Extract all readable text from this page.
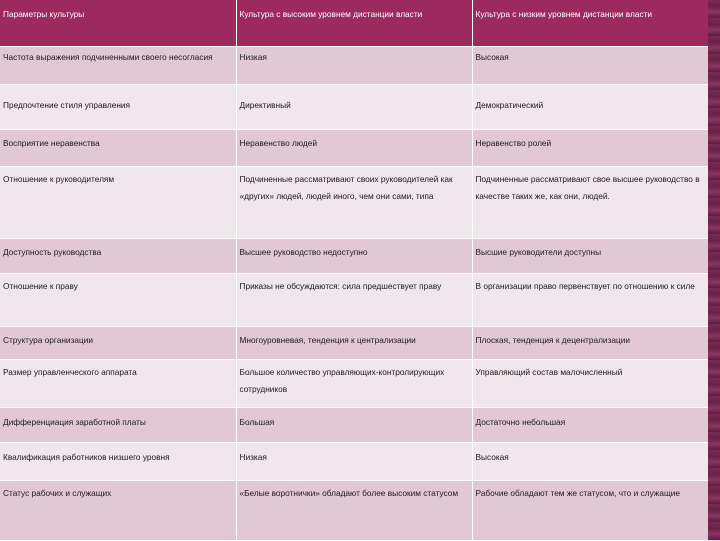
Параметры культуры	Культура с высоким уровнем дистанции власти	Культура с низким уровнем дистанции власти
Частота выражения подчиненными своего несогласия	Низкая	Высокая
Предпочтение стиля управления	Директивный	Демократический
Восприятие неравенства	Неравенство людей	Неравенство ролей
Отношение к руководителям	Подчиненные рассматривают своих руководителей как «других» людей, людей иного, чем они сами, типа	Подчиненные рассматривают свое высшее руководство в качестве таких же, как они, людей.
Доступность руководства	Высшее руководство недоступно	Высшие руководители доступны
Отношение к праву	Приказы не обсуждаются: сила предшествует праву	В организации право первенствует по отношению к силе
Структура организации	Многоуровневая, тенденция к централизации	Плоская, тенденция к децентрализации
Размер управленческого аппарата	Большое количество управляющих-контролирующих сотрудников	Управляющий состав малочисленный
Дифференциация заработной платы	Большая	Достаточно небольшая
Квалификация работников низшего уровня	Низкая	Высокая
Статус рабочих и служащих	«Белые воротнички» обладают более высоким статусом	Рабочие обладают тем же статусом, что и служащие
